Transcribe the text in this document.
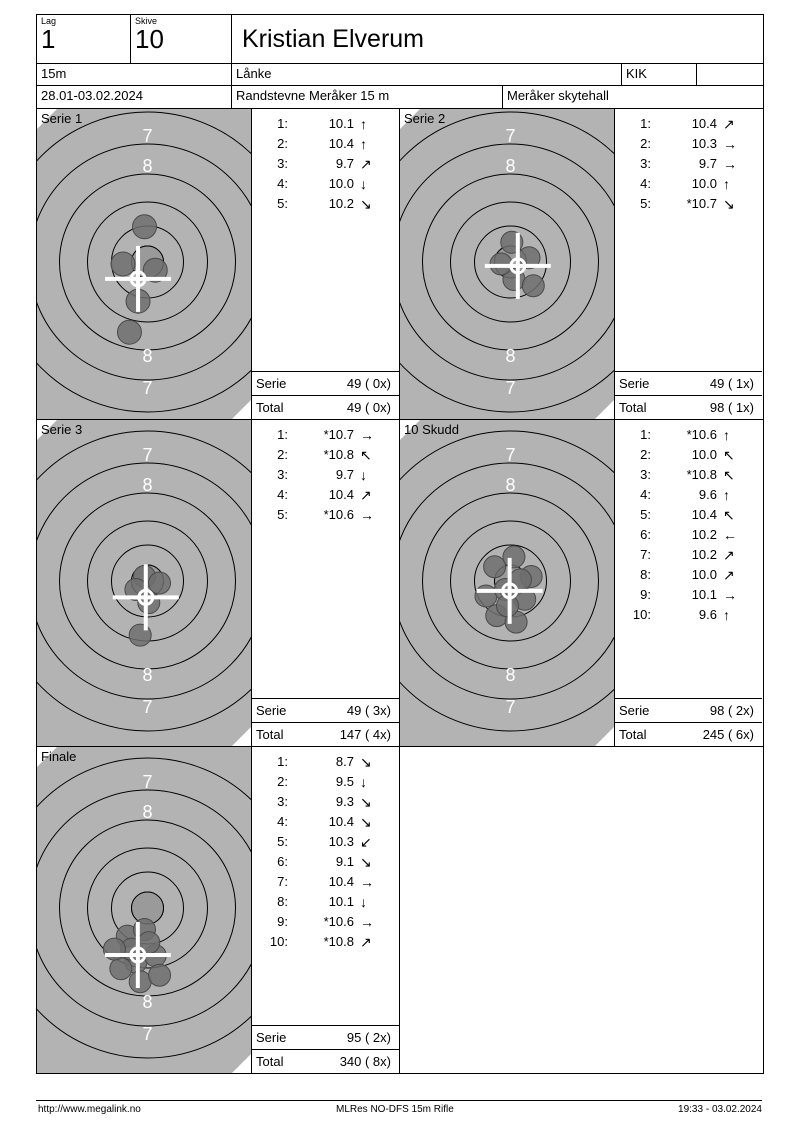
Lag
1
Skive
10	Kristian Elverum
15m	Lånke	KIK
28.01-03.02.2024	Randstevne Meråker 15 m	Meråker skytehall
Serie 1
7
8
8
7
1:	10.1 ↑
2:	10.4 ↑
3:	9.7 ↗
4:	10.0 ↓
5:	10.2 ↘
Serie	49 ( 0x)
Total	49 ( 0x)
Serie 2
7
8
8
7
1:	10.4 ↗
2:	10.3 →
3:	9.7 →
4:	10.0 ↑
5:	*10.7 ↘
Serie	49 ( 1x)
Total	98 ( 1x)
Serie 3
7
8
8
7
1:	*10.7 →
2:	*10.8 ↖
3:	9.7 ↓
4:	10.4 ↗
5:	*10.6 →
Serie	49 ( 3x)
Total	147 ( 4x)
10 Skudd
7
8
8
7
1:	*10.6 ↑
2:	10.0 ↖
3:	*10.8 ↖
4:	9.6 ↑
5:	10.4 ↖
6:	10.2 ←
7:	10.2 ↗
8:	10.0 ↗
9:	10.1 →
10:	9.6 ↑
Serie	98 ( 2x)
Total	245 ( 6x)
Finale
7
8
8
7
1:	8.7 ↘
2:	9.5 ↓
3:	9.3 ↘
4:	10.4 ↘
5:	10.3 ↙
6:	9.1 ↘
7:	10.4 →
8:	10.1 ↓
9:	*10.6 →
10:	*10.8 ↗
Serie	95 ( 2x)
Total	340 ( 8x)
http://www.megalink.no	MLRes NO-DFS 15m Rifle	19:33 - 03.02.2024
